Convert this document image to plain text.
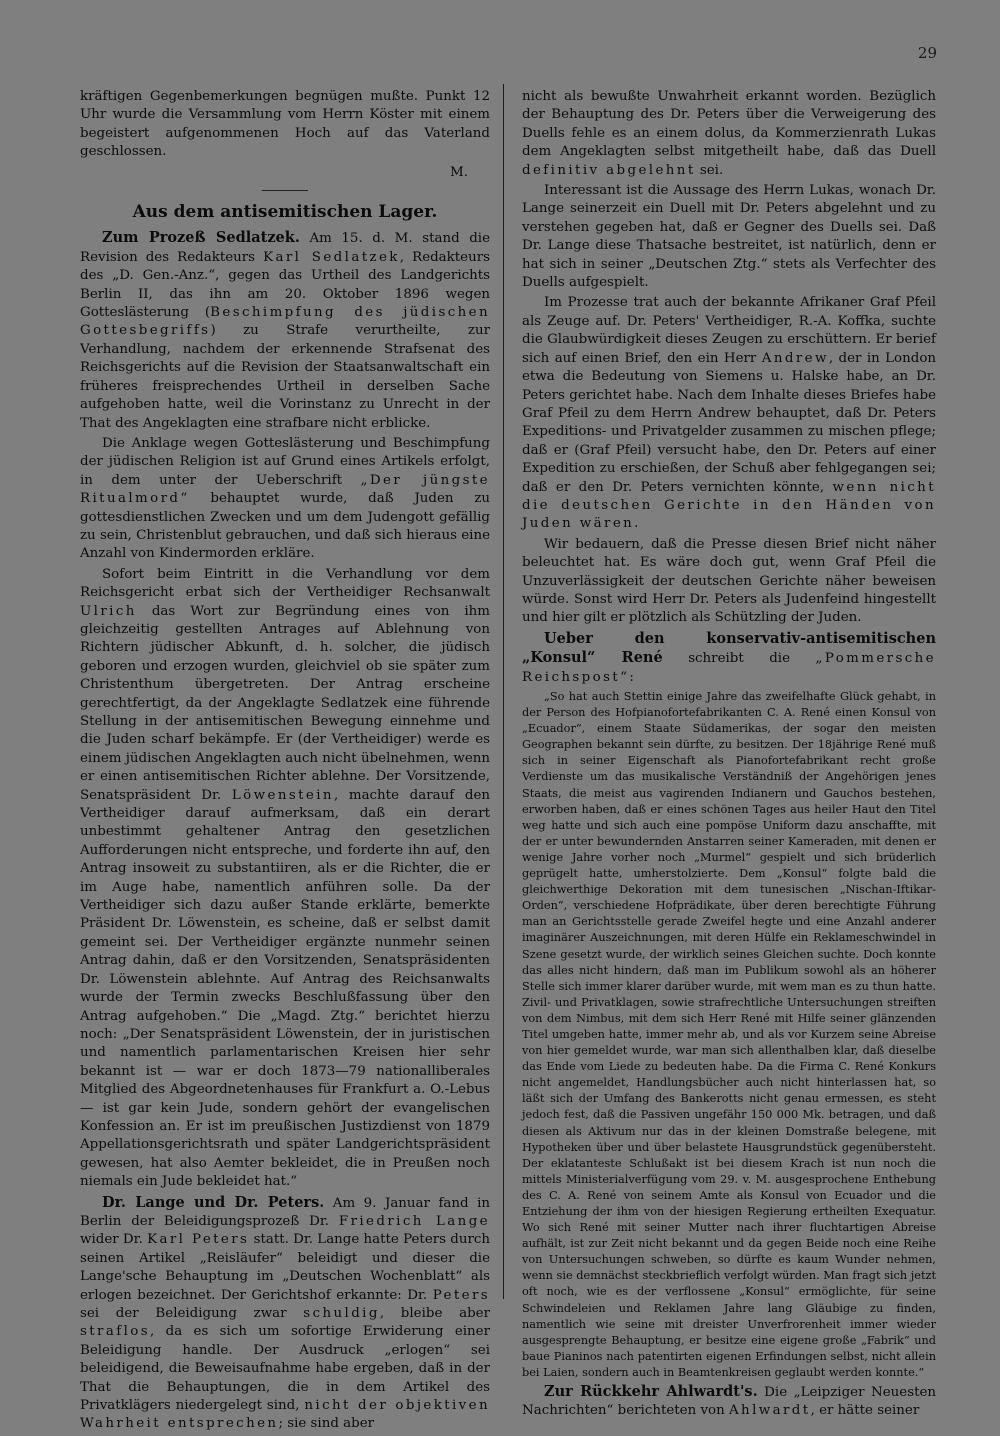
29

kräftigen Gegenbemerkungen begnügen mußte. Punkt 12 Uhr wurde die Versammlung vom Herrn Köster mit einem begeistert aufgenommenen Hoch auf das Vaterland geschlossen.

M.

Aus dem antisemitischen Lager.

Zum Prozeß Sedlatzek. Am 15. d. M. stand die Revision des Redakteurs Karl Sedlatzek, Redakteurs des „D. Gen.-Anz.“, gegen das Urtheil des Landgerichts Berlin II, das ihn am 20. Oktober 1896 wegen Gotteslästerung (Beschimpfung des jüdischen Gottesbegriffs) zu Strafe verurtheilte, zur Verhandlung, nachdem der erkennende Strafsenat des Reichsgerichts auf die Revision der Staatsanwaltschaft ein früheres freisprechendes Urtheil in derselben Sache aufgehoben hatte, weil die Vorinstanz zu Unrecht in der That des Angeklagten eine strafbare nicht erblicke.

Die Anklage wegen Gotteslästerung und Beschimpfung der jüdischen Religion ist auf Grund eines Artikels erfolgt, in dem unter der Ueberschrift „Der jüngste Ritualmord“ behauptet wurde, daß Juden zu gottesdienstlichen Zwecken und um dem Judengott gefällig zu sein, Christenblut gebrauchen, und daß sich hieraus eine Anzahl von Kindermorden erkläre.

Sofort beim Eintritt in die Verhandlung vor dem Reichsgericht erbat sich der Vertheidiger Rechsanwalt Ulrich das Wort zur Begründung eines von ihm gleichzeitig gestellten Antrages auf Ablehnung von Richtern jüdischer Abkunft, d. h. solcher, die jüdisch geboren und erzogen wurden, gleichviel ob sie später zum Christenthum übergetreten. Der Antrag erscheine gerechtfertigt, da der Angeklagte Sedlatzek eine führende Stellung in der antisemitischen Bewegung einnehme und die Juden scharf bekämpfe. Er (der Vertheidiger) werde es einem jüdischen Angeklagten auch nicht übelnehmen, wenn er einen antisemitischen Richter ablehne. Der Vorsitzende, Senatspräsident Dr. Löwenstein, machte darauf den Vertheidiger darauf aufmerksam, daß ein derart unbestimmt gehaltener Antrag den gesetzlichen Aufforderungen nicht entspreche, und forderte ihn auf, den Antrag insoweit zu substantiiren, als er die Richter, die er im Auge habe, namentlich anführen solle. Da der Vertheidiger sich dazu außer Stande erklärte, bemerkte Präsident Dr. Löwenstein, es scheine, daß er selbst damit gemeint sei. Der Vertheidiger ergänzte nunmehr seinen Antrag dahin, daß er den Vorsitzenden, Senatspräsidenten Dr. Löwenstein ablehnte. Auf Antrag des Reichsanwalts wurde der Termin zwecks Beschlußfassung über den Antrag aufgehoben.“ Die „Magd. Ztg.“ berichtet hierzu noch: „Der Senatspräsident Löwenstein, der in juristischen und namentlich parlamentarischen Kreisen hier sehr bekannt ist — war er doch 1873—79 nationalliberales Mitglied des Abgeordnetenhauses für Frankfurt a. O.-Lebus — ist gar kein Jude, sondern gehört der evangelischen Konfession an. Er ist im preußischen Justizdienst von 1879 Appellationsgerichtsrath und später Landgerichtspräsident gewesen, hat also Aemter bekleidet, die in Preußen noch niemals ein Jude bekleidet hat.“

Dr. Lange und Dr. Peters. Am 9. Januar fand in Berlin der Beleidigungsprozeß Dr. Friedrich Lange wider Dr. Karl Peters statt. Dr. Lange hatte Peters durch seinen Artikel „Reisläufer“ beleidigt und dieser die Lange'sche Behauptung im „Deutschen Wochenblatt“ als erlogen bezeichnet. Der Gerichtshof erkannte: Dr. Peters sei der Beleidigung zwar schuldig, bleibe aber straflos, da es sich um sofortige Erwiderung einer Beleidigung handle. Der Ausdruck „erlogen“ sei beleidigend, die Beweisaufnahme habe ergeben, daß in der That die Behauptungen, die in dem Artikel des Privatklägers niedergelegt sind, nicht der objektiven Wahrheit entsprechen; sie sind aber

nicht als bewußte Unwahrheit erkannt worden. Bezüglich der Behauptung des Dr. Peters über die Verweigerung des Duells fehle es an einem dolus, da Kommerzienrath Lukas dem Angeklagten selbst mitgetheilt habe, daß das Duell definitiv abgelehnt sei.

Interessant ist die Aussage des Herrn Lukas, wonach Dr. Lange seinerzeit ein Duell mit Dr. Peters abgelehnt und zu verstehen gegeben hat, daß er Gegner des Duells sei. Daß Dr. Lange diese Thatsache bestreitet, ist natürlich, denn er hat sich in seiner „Deutschen Ztg.“ stets als Verfechter des Duells aufgespielt.

Im Prozesse trat auch der bekannte Afrikaner Graf Pfeil als Zeuge auf. Dr. Peters' Vertheidiger, R.-A. Koffka, suchte die Glaubwürdigkeit dieses Zeugen zu erschüttern. Er berief sich auf einen Brief, den ein Herr Andrew, der in London etwa die Bedeutung von Siemens u. Halske habe, an Dr. Peters gerichtet habe. Nach dem Inhalte dieses Briefes habe Graf Pfeil zu dem Herrn Andrew behauptet, daß Dr. Peters Expeditions- und Privatgelder zusammen zu mischen pflege; daß er (Graf Pfeil) versucht habe, den Dr. Peters auf einer Expedition zu erschießen, der Schuß aber fehlgegangen sei; daß er den Dr. Peters vernichten könnte, wenn nicht die deutschen Gerichte in den Händen von Juden wären.

Wir bedauern, daß die Presse diesen Brief nicht näher beleuchtet hat. Es wäre doch gut, wenn Graf Pfeil die Unzuverlässigkeit der deutschen Gerichte näher beweisen würde. Sonst wird Herr Dr. Peters als Judenfeind hingestellt und hier gilt er plötzlich als Schützling der Juden.

Ueber den konservativ-antisemitischen „Konsul“ René schreibt die „Pommersche Reichspost“:

„So hat auch Stettin einige Jahre das zweifelhafte Glück gehabt, in der Person des Hofpianofortefabrikanten C. A. René einen Konsul von „Ecuador“, einem Staate Südamerikas, der sogar den meisten Geographen bekannt sein dürfte, zu besitzen. Der 18jährige René muß sich in seiner Eigenschaft als Pianofortefabrikant recht große Verdienste um das musikalische Verständniß der Angehörigen jenes Staats, die meist aus vagirenden Indianern und Gauchos bestehen, erworben haben, daß er eines schönen Tages aus heiler Haut den Titel weg hatte und sich auch eine pompöse Uniform dazu anschaffte, mit der er unter bewundernden Anstarren seiner Kameraden, mit denen er wenige Jahre vorher noch „Murmel“ gespielt und sich brüderlich geprügelt hatte, umherstolzierte. Dem „Konsul“ folgte bald die gleichwerthige Dekoration mit dem tunesischen „Nischan-Iftikar-Orden“, verschiedene Hofprädikate, über deren berechtigte Führung man an Gerichtsstelle gerade Zweifel hegte und eine Anzahl anderer imaginärer Auszeichnungen, mit deren Hülfe ein Reklameschwindel in Szene gesetzt wurde, der wirklich seines Gleichen suchte. Doch konnte das alles nicht hindern, daß man im Publikum sowohl als an höherer Stelle sich immer klarer darüber wurde, mit wem man es zu thun hatte. Zivil- und Privatklagen, sowie strafrechtliche Untersuchungen streiften von dem Nimbus, mit dem sich Herr René mit Hilfe seiner glänzenden Titel umgeben hatte, immer mehr ab, und als vor Kurzem seine Abreise von hier gemeldet wurde, war man sich allenthalben klar, daß dieselbe das Ende vom Liede zu bedeuten habe. Da die Firma C. René Konkurs nicht angemeldet, Handlungsbücher auch nicht hinterlassen hat, so läßt sich der Umfang des Bankerotts nicht genau ermessen, es steht jedoch fest, daß die Passiven ungefähr 150 000 Mk. betragen, und daß diesen als Aktivum nur das in der kleinen Domstraße belegene, mit Hypotheken über und über belastete Hausgrundstück gegenübersteht. Der eklatanteste Schlußakt ist bei diesem Krach ist nun noch die mittels Ministerialverfügung vom 29. v. M. ausgesprochene Enthebung des C. A. René von seinem Amte als Konsul von Ecuador und die Entziehung der ihm von der hiesigen Regierung ertheilten Exequatur. Wo sich René mit seiner Mutter nach ihrer fluchtartigen Abreise aufhält, ist zur Zeit nicht bekannt und da gegen Beide noch eine Reihe von Untersuchungen schweben, so dürfte es kaum Wunder nehmen, wenn sie demnächst steckbrieflich verfolgt würden. Man fragt sich jetzt oft noch, wie es der verflossene „Konsul“ ermöglichte, für seine Schwindeleien und Reklamen Jahre lang Gläubige zu finden, namentlich wie seine mit dreister Unverfrorenheit immer wieder ausgesprengte Behauptung, er besitze eine eigene große „Fabrik“ und baue Pianinos nach patentirten eigenen Erfindungen selbst, nicht allein bei Laien, sondern auch in Beamtenkreisen geglaubt werden konnte.“

Zur Rückkehr Ahlwardt's. Die „Leipziger Neuesten Nachrichten“ berichteten von Ahlwardt, er hätte seiner
